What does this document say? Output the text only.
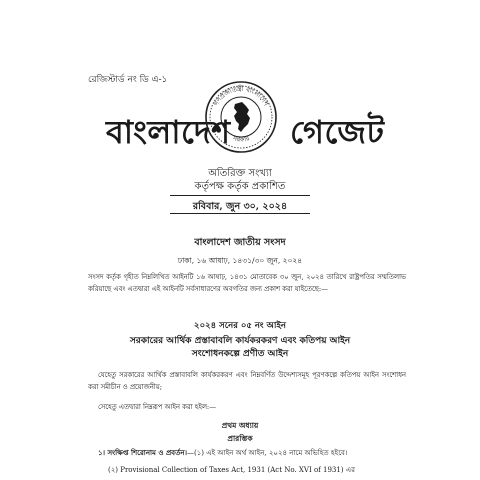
রেজিস্টার্ড নং ডি এ-১
বাংলাদেশ
গণপ্রজাতন্ত্রী বাংলাদেশ
সরকার গেজেট
অতিরিক্ত সংখ্যা
কর্তৃপক্ষ কর্তৃক প্রকাশিত
রবিবার, জুন ৩০, ২০২৪
বাংলাদেশ জাতীয় সংসদ
ঢাকা, ১৬ আষাঢ়, ১৪৩১/৩০ জুন, ২০২৪
সংসদ কর্তৃক গৃহীত নিম্নলিখিত আইনটি ১৬ আষাঢ়, ১৪৩১ মোতাবেক ৩০ জুন, ২০২৪ তারিখে রাষ্ট্রপতির সম্মতিলাভ করিয়াছে এবং এতদ্বারা এই আইনটি সর্বসাধারণের অবগতির জন্য প্রকাশ করা যাইতেছে:—
২০২৪ সনের ০৫ নং আইন
সরকারের আর্থিক প্রস্তাবাবলি কার্যকরকরণ এবং কতিপয় আইন
সংশোধনকল্পে প্রণীত আইন
যেহেতু সরকারের আর্থিক প্রস্তাবাবলি কার্যকরকরণ এবং নিম্নবর্ণিত উদ্দেশ্যসমূহ পূরণকল্পে কতিপয় আইন সংশোধন করা সমীচীন ও প্রয়োজনীয়;
সেহেতু এতদ্বারা নিম্নরূপ আইন করা হইল:—
প্রথম অধ্যায়
প্রারম্ভিক
১। সংক্ষিপ্ত শিরোনাম ও প্রবর্তন।—(১) এই আইন অর্থ আইন, ২০২৪ নামে অভিহিত হইবে।
(২) Provisional Collection of Taxes Act, 1931 (Act No. XVI of 1931) এর
